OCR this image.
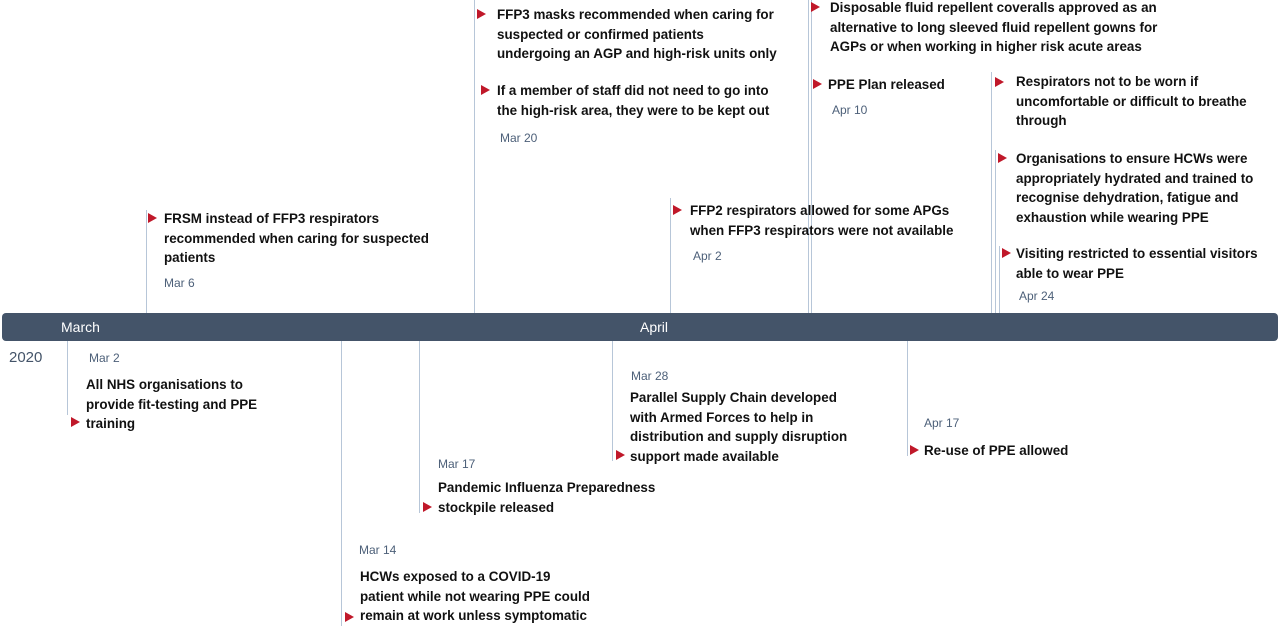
March	April
2020	Mar 2
All NHS organisations to
provide fit-testing and PPE
training
FRSM instead of FFP3 respirators
recommended when caring for suspected
patients
Mar 6
Mar 14
HCWs exposed to a COVID-19
patient while not wearing PPE could
remain at work unless symptomatic
Mar 17
Pandemic Influenza Preparedness
stockpile released
FFP3 masks recommended when caring for
suspected or confirmed patients
undergoing an AGP and high-risk units only
If a member of staff did not need to go into
the high-risk area, they were to be kept out
Mar 20
Mar 28
Parallel Supply Chain developed
with Armed Forces to help in
distribution and supply disruption
support made available
FFP2 respirators allowed for some APGs
when FFP3 respirators were not available
Apr 2
Disposable fluid repellent coveralls approved as an
alternative to long sleeved fluid repellent gowns for
AGPs or when working in higher risk acute areas
PPE Plan released
Apr 10
Apr 17
Re-use of PPE allowed
Respirators not to be worn if
uncomfortable or difficult to breathe
through
Organisations to ensure HCWs were
appropriately hydrated and trained to
recognise dehydration, fatigue and
exhaustion while wearing PPE
Visiting restricted to essential visitors
able to wear PPE
Apr 24
